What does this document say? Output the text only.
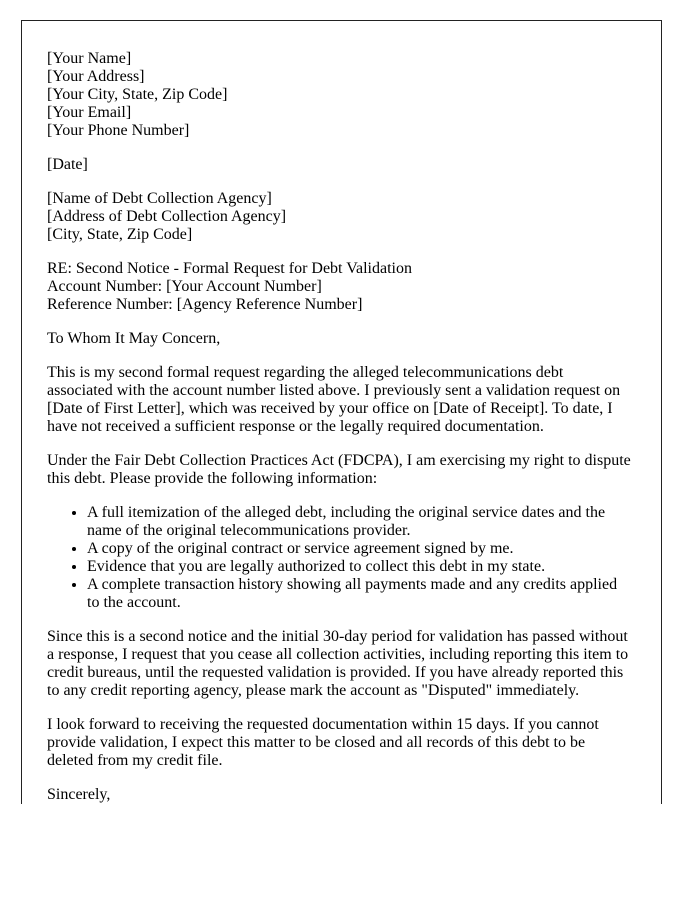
[Your Name]
[Your Address]
[Your City, State, Zip Code]
[Your Email]
[Your Phone Number]

[Date]

[Name of Debt Collection Agency]
[Address of Debt Collection Agency]
[City, State, Zip Code]

RE: Second Notice - Formal Request for Debt Validation
Account Number: [Your Account Number]
Reference Number: [Agency Reference Number]

To Whom It May Concern,

This is my second formal request regarding the alleged telecommunications debt associated with the account number listed above. I previously sent a validation request on [Date of First Letter], which was received by your office on [Date of Receipt]. To date, I have not received a sufficient response or the legally required documentation.

Under the Fair Debt Collection Practices Act (FDCPA), I am exercising my right to dispute this debt. Please provide the following information:

• A full itemization of the alleged debt, including the original service dates and the name of the original telecommunications provider.
• A copy of the original contract or service agreement signed by me.
• Evidence that you are legally authorized to collect this debt in my state.
• A complete transaction history showing all payments made and any credits applied to the account.

Since this is a second notice and the initial 30-day period for validation has passed without a response, I request that you cease all collection activities, including reporting this item to credit bureaus, until the requested validation is provided. If you have already reported this to any credit reporting agency, please mark the account as "Disputed" immediately.

I look forward to receiving the requested documentation within 15 days. If you cannot provide validation, I expect this matter to be closed and all records of this debt to be deleted from my credit file.

Sincerely,
